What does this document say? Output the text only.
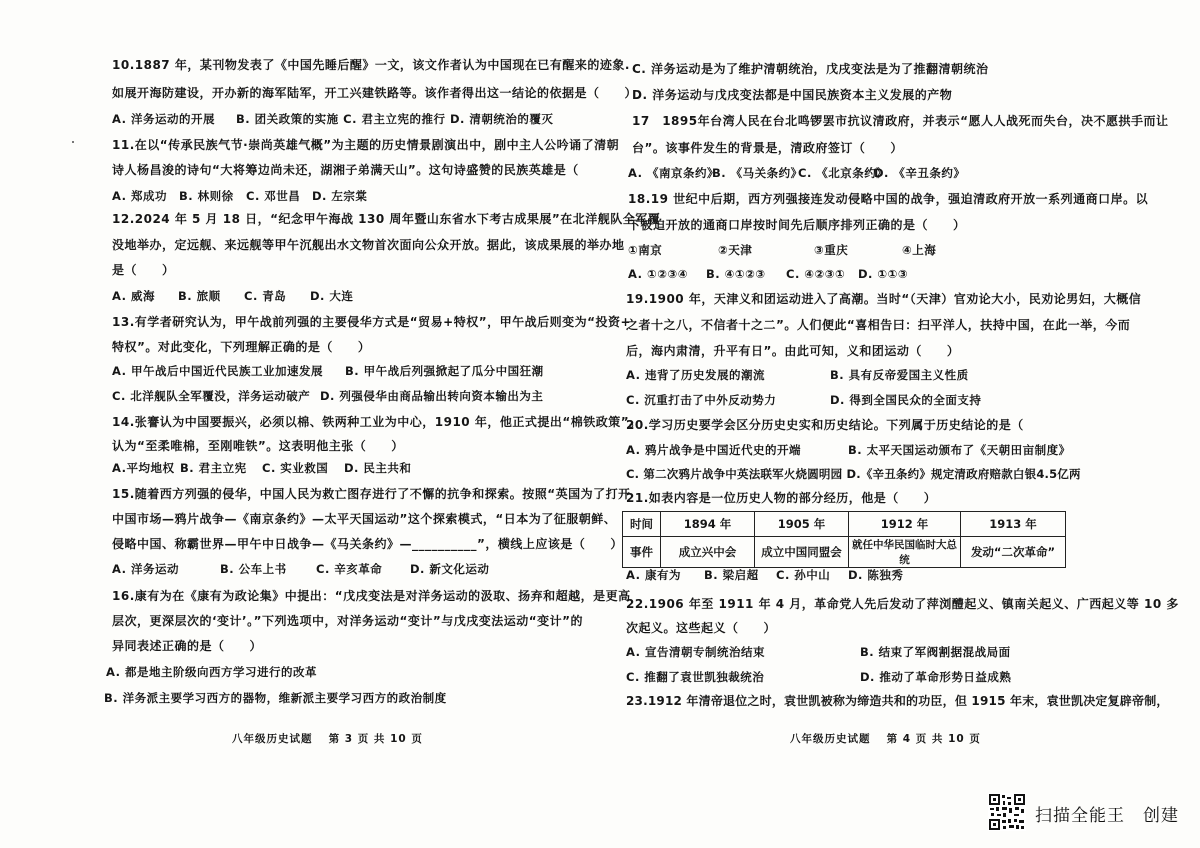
10.1887 年，某刊物发表了《中国先睡后醒》一文，该文作者认为中国现在已有醒来的迹象.
如展开海防建设，开办新的海军陆军，开工兴建铁路等。该作者得出这一结论的依据是（　　）
A. 洋务运动的开展 B. 团关政策的实施 C. 君主立宪的推行 D. 清朝统治的覆灭
11.在以“传承民族气节·崇尚英雄气概”为主题的历史情景剧演出中，剧中主人公吟诵了清朝
诗人杨昌浚的诗句“大将筹边尚未还，湖湘子弟满天山”。这句诗盛赞的民族英雄是（
A. 郑成功 B. 林则徐 C. 邓世昌 D. 左宗棠
12.2024 年 5 月 18 日，“纪念甲午海战 130 周年暨山东省水下考古成果展”在北洋舰队全军覆
没地举办，定远舰、来远舰等甲午沉舰出水文物首次面向公众开放。据此，该成果展的举办地
是（　　）
A. 威海 B. 旅顺 C. 青岛 D. 大连
13.有学者研究认为，甲午战前列强的主要侵华方式是“贸易+特权”，甲午战后则变为“投资+
特权”。对此变化，下列理解正确的是（　　）
A. 甲午战后中国近代民族工业加速发展 B. 甲午战后列强掀起了瓜分中国狂潮
C. 北洋舰队全军覆没，洋务运动破产 D. 列强侵华由商品输出转向资本输出为主
14.张謇认为中国要振兴，必须以棉、铁两种工业为中心，1910 年，他正式提出“棉铁政策”。
认为“至柔唯棉，至刚唯铁”。这表明他主张（　　）
A.平均地权 B. 君主立宪 C. 实业救国 D. 民主共和
15.随着西方列强的侵华，中国人民为救亡图存进行了不懈的抗争和探索。按照“英国为了打开
中国市场—鸦片战争—《南京条约》—太平天国运动”这个探索模式，“日本为了征服朝鲜、
侵略中国、称霸世界—甲午中日战争—《马关条约》—__________”，横线上应该是（　　）
A. 洋务运动	B. 公车上书	C. 辛亥革命 D. 新文化运动
16.康有为在《康有为政论集》中提出：“戊戌变法是对洋务运动的汲取、扬弃和超越，是更高
层次，更深层次的‘变计’。”下列选项中，对洋务运动“变计”与戊戌变法运动“变计”的
异同表述正确的是（　　）
A. 都是地主阶级向西方学习进行的改革
B. 洋务派主要学习西方的器物，维新派主要学习西方的政治制度
八年级历史试题　 第 3 页 共 10 页
C. 洋务运动是为了维护清朝统治，戊戌变法是为了推翻清朝统治
D. 洋务运动与戊戌变法都是中国民族资本主义发展的产物
17　1895年台湾人民在台北鸣锣罢市抗议清政府，并表示“愿人人战死而失台，决不愿拱手而让
台”。该事件发生的背景是，清政府签订（　　）
A. 《南京条约》
B. 《马关条约》
C. 《北京条约》
D. 《辛丑条约》
18.19 世纪中后期，西方列强接连发动侵略中国的战争，强迫清政府开放一系列通商口岸。以
下被迫开放的通商口岸按时间先后顺序排列正确的是（　　）
①南京	②天津	③重庆	④上海
A. ①②③④ B. ④①②③ C. ④②③① D. ①①③
19.1900 年，天津义和团运动进入了高潮。当时“（天津）官劝论大小，民劝论男妇，大概信
之者十之八，不信者十之二”。人们便此“喜相告曰：扫平洋人，扶持中国，在此一举，今而
后，海内肃清，升平有日”。由此可知，义和团运动（　　）
A. 违背了历史发展的潮流	B. 具有反帝爱国主义性质
C. 沉重打击了中外反动势力	D. 得到全国民众的全面支持
20.学习历史要学会区分历史史实和历史结论。下列属于历史结论的是（
A. 鸦片战争是中国近代史的开端	B. 太平天国运动颁布了《天朝田亩制度》
C. 第二次鸦片战争中英法联军火烧圆明园 D.《辛丑条约》规定清政府赔款白银4.5亿两
21.如表内容是一位历史人物的部分经历，他是（　　）
A. 康有为 B. 梁启超 C. 孙中山 D. 陈独秀
22.1906 年至 1911 年 4 月，革命党人先后发动了萍浏醴起义、镇南关起义、广西起义等 10 多
次起义。这些起义（　　）
A. 宣告清朝专制统治结束	B. 结束了军阀割据混战局面
C. 推翻了袁世凯独裁统治	D. 推动了革命形势日益成熟
23.1912 年清帝退位之时，袁世凯被称为缔造共和的功臣，但 1915 年末，袁世凯决定复辟帝制，
八年级历史试题　 第 4 页 共 10 页
时间	1894 年	1905 年	1912 年	1913 年
事件	成立兴中会	成立中国同盟会	就任中华民国临时大总统	发动“二次革命”
扫描全能王　创建
